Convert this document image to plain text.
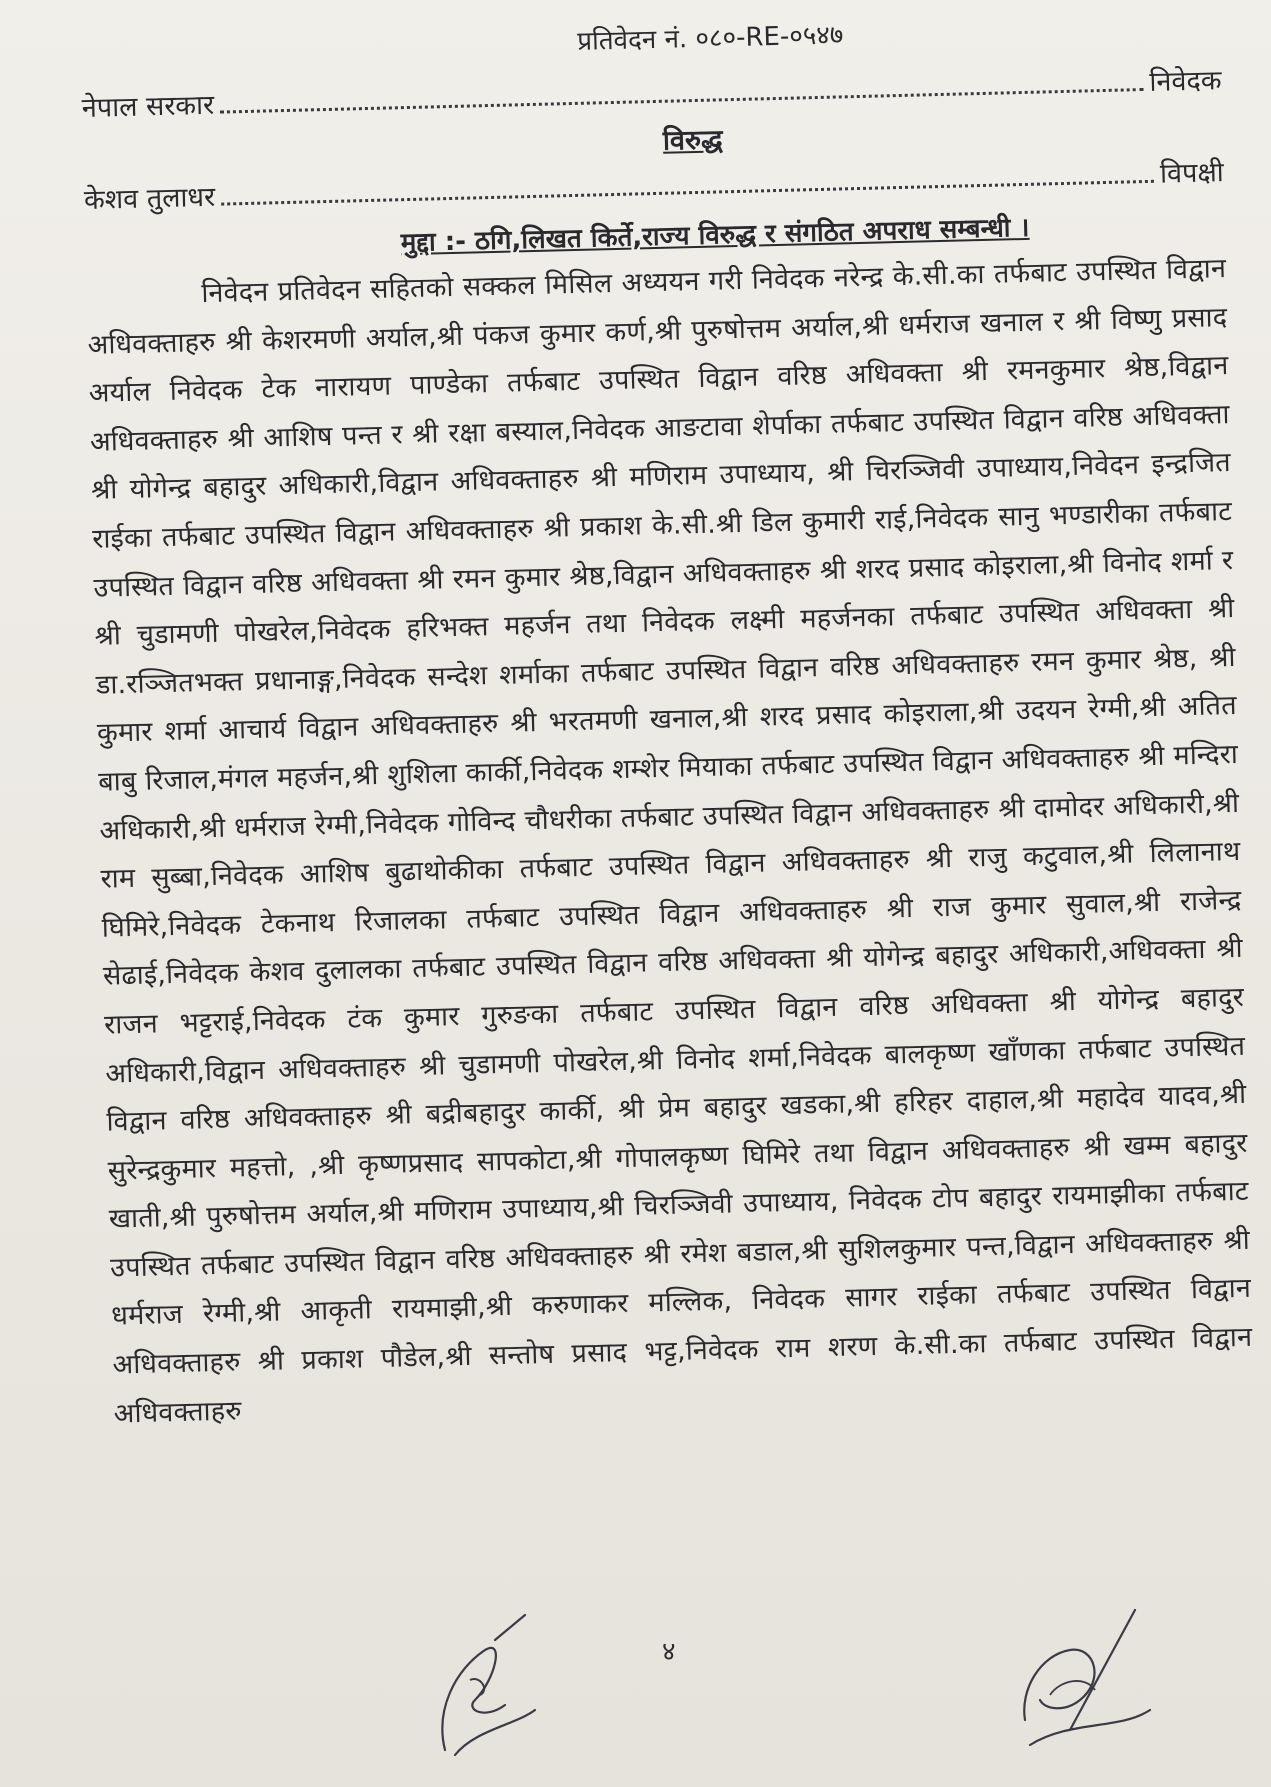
प्रतिवेदन नं. ०८०-RE-०५४७
नेपाल सरकार
निवेदक
विरुद्ध
केशव तुलाधर
विपक्षी
मुद्दा :- ठगि,लिखत किर्ते,राज्य विरुद्ध र संगठित अपराध सम्बन्धी ।

निवेदन प्रतिवेदन सहितको सक्कल मिसिल अध्ययन गरी निवेदक नरेन्द्र के.सी.का तर्फबाट उपस्थित विद्वान अधिवक्ताहरु श्री केशरमणी अर्याल,श्री पंकज कुमार कर्ण,श्री पुरुषोत्तम अर्याल,श्री धर्मराज खनाल र श्री विष्णु प्रसाद अर्याल निवेदक टेक नारायण पाण्डेका तर्फबाट उपस्थित विद्वान वरिष्ठ अधिवक्ता श्री रमनकुमार श्रेष्ठ,विद्वान अधिवक्ताहरु श्री आशिष पन्त र श्री रक्षा बस्याल,निवेदक आङटावा शेर्पाका तर्फबाट उपस्थित विद्वान वरिष्ठ अधिवक्ता श्री योगेन्द्र बहादुर अधिकारी,विद्वान अधिवक्ताहरु श्री मणिराम उपाध्याय, श्री चिरञ्जिवी उपाध्याय,निवेदन इन्द्रजित राईका तर्फबाट उपस्थित विद्वान अधिवक्ताहरु श्री प्रकाश के.सी.श्री डिल कुमारी राई,निवेदक सानु भण्डारीका तर्फबाट उपस्थित विद्वान वरिष्ठ अधिवक्ता श्री रमन कुमार श्रेष्ठ,विद्वान अधिवक्ताहरु श्री शरद प्रसाद कोइराला,श्री विनोद शर्मा र श्री चुडामणी पोखरेल,निवेदक हरिभक्त महर्जन तथा निवेदक लक्ष्मी महर्जनका तर्फबाट उपस्थित अधिवक्ता श्री डा.रञ्जितभक्त प्रधानाङ्ग,निवेदक सन्देश शर्माका तर्फबाट उपस्थित विद्वान वरिष्ठ अधिवक्ताहरु रमन कुमार श्रेष्ठ, श्री कुमार शर्मा आचार्य विद्वान अधिवक्ताहरु श्री भरतमणी खनाल,श्री शरद प्रसाद कोइराला,श्री उदयन रेग्मी,श्री अतित बाबु रिजाल,मंगल महर्जन,श्री शुशिला कार्की,निवेदक शम्शेर मियाका तर्फबाट उपस्थित विद्वान अधिवक्ताहरु श्री मन्दिरा अधिकारी,श्री धर्मराज रेग्मी,निवेदक गोविन्द चौधरीका तर्फबाट उपस्थित विद्वान अधिवक्ताहरु श्री दामोदर अधिकारी,श्री राम सुब्बा,निवेदक आशिष बुढाथोकीका तर्फबाट उपस्थित विद्वान अधिवक्ताहरु श्री राजु कटुवाल,श्री लिलानाथ घिमिरे,निवेदक टेकनाथ रिजालका तर्फबाट उपस्थित विद्वान अधिवक्ताहरु श्री राज कुमार सुवाल,श्री राजेन्द्र सेढाई,निवेदक केशव दुलालका तर्फबाट उपस्थित विद्वान वरिष्ठ अधिवक्ता श्री योगेन्द्र बहादुर अधिकारी,अधिवक्ता श्री राजन भट्टराई,निवेदक टंक कुमार गुरुङका तर्फबाट उपस्थित विद्वान वरिष्ठ अधिवक्ता श्री योगेन्द्र बहादुर अधिकारी,विद्वान अधिवक्ताहरु श्री चुडामणी पोखरेल,श्री विनोद शर्मा,निवेदक बालकृष्ण खाँणका तर्फबाट उपस्थित विद्वान वरिष्ठ अधिवक्ताहरु श्री बद्रीबहादुर कार्की, श्री प्रेम बहादुर खडका,श्री हरिहर दाहाल,श्री महादेव यादव,श्री सुरेन्द्रकुमार महत्तो, ,श्री कृष्णप्रसाद सापकोटा,श्री गोपालकृष्ण घिमिरे तथा विद्वान अधिवक्ताहरु श्री खम्म बहादुर खाती,श्री पुरुषोत्तम अर्याल,श्री मणिराम उपाध्याय,श्री चिरञ्जिवी उपाध्याय, निवेदक टोप बहादुर रायमाझीका तर्फबाट उपस्थित तर्फबाट उपस्थित विद्वान वरिष्ठ अधिवक्ताहरु श्री रमेश बडाल,श्री सुशिलकुमार पन्त,विद्वान अधिवक्ताहरु श्री धर्मराज रेग्मी,श्री आकृती रायमाझी,श्री करुणाकर मल्लिक, निवेदक सागर राईका तर्फबाट उपस्थित विद्वान अधिवक्ताहरु श्री प्रकाश पौडेल,श्री सन्तोष प्रसाद भट्ट,निवेदक राम शरण के.सी.का तर्फबाट उपस्थित विद्वान अधिवक्ताहरु

४
